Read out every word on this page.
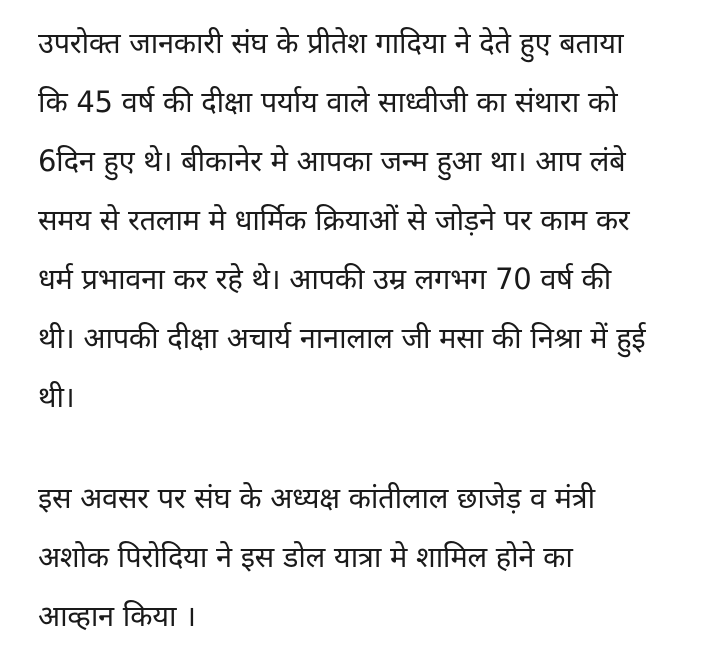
उपरोक्त जानकारी संघ के प्रीतेश गादिया ने देते हुए बताया
कि 45 वर्ष की दीक्षा पर्याय वाले साध्वीजी का संथारा को
6दिन हुए थे। बीकानेर मे आपका जन्म हुआ था। आप लंबे
समय से रतलाम मे धार्मिक क्रियाओं से जोड़ने पर काम कर
धर्म प्रभावना कर रहे थे। आपकी उम्र लगभग 70 वर्ष की
थी। आपकी दीक्षा अचार्य नानालाल जी मसा की निश्रा में हुई
थी।
इस अवसर पर संघ के अध्यक्ष कांतीलाल छाजेड़ व मंत्री
अशोक पिरोदिया ने इस डोल यात्रा मे शामिल होने का
आव्हान किया ।
